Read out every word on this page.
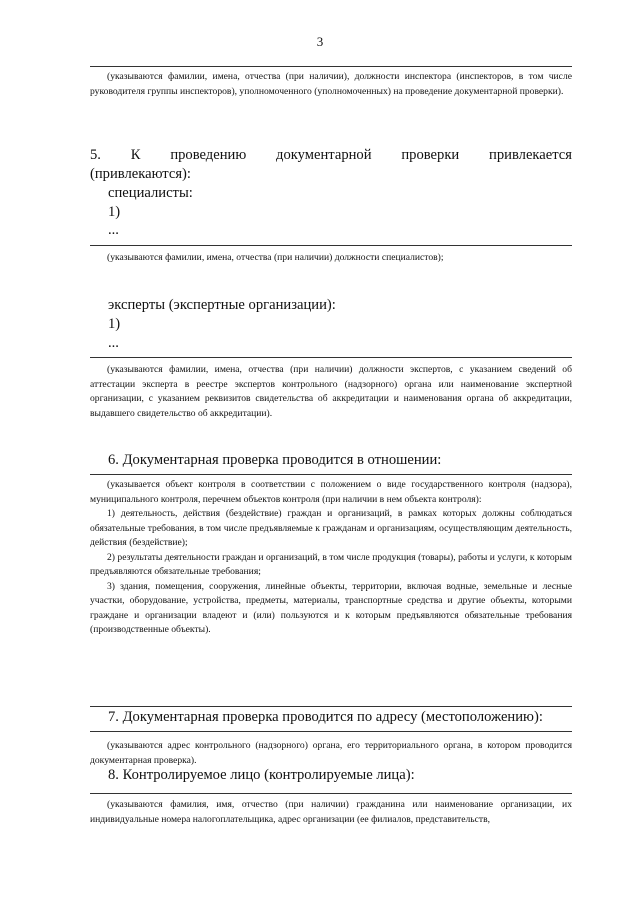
3

(указываются фамилии, имена, отчества (при наличии), должности инспектора (инспекторов, в том числе руководителя группы инспекторов), уполномоченного (уполномоченных) на проведение документарной проверки).

5. К проведению документарной проверки привлекается
(привлекаются):
специалисты:
1)
...

(указываются фамилии, имена, отчества (при наличии) должности специалистов);

эксперты (экспертные организации):
1)
...

(указываются фамилии, имена, отчества (при наличии) должности экспертов, с указанием сведений об аттестации эксперта в реестре экспертов контрольного (надзорного) органа или наименование экспертной организации, с указанием реквизитов свидетельства об аккредитации и наименования органа об аккредитации, выдавшего свидетельство об аккредитации).

6. Документарная проверка проводится в отношении:

(указывается объект контроля в соответствии с положением о виде государственного контроля (надзора), муниципального контроля, перечнем объектов контроля (при наличии в нем объекта контроля):

1) деятельность, действия (бездействие) граждан и организаций, в рамках которых должны соблюдаться обязательные требования, в том числе предъявляемые к гражданам и организациям, осуществляющим деятельность, действия (бездействие);

2) результаты деятельности граждан и организаций, в том числе продукция (товары), работы и услуги, к которым предъявляются обязательные требования;

3) здания, помещения, сооружения, линейные объекты, территории, включая водные, земельные и лесные участки, оборудование, устройства, предметы, материалы, транспортные средства и другие объекты, которыми граждане и организации владеют и (или) пользуются и к которым предъявляются обязательные требования (производственные объекты).

7. Документарная проверка проводится по адресу (местоположению):

(указываются адрес контрольного (надзорного) органа, его территориального органа, в котором проводится документарная проверка).

8. Контролируемое лицо (контролируемые лица):

(указываются фамилия, имя, отчество (при наличии) гражданина или наименование организации, их индивидуальные номера налогоплательщика, адрес организации (ее филиалов, представительств,
